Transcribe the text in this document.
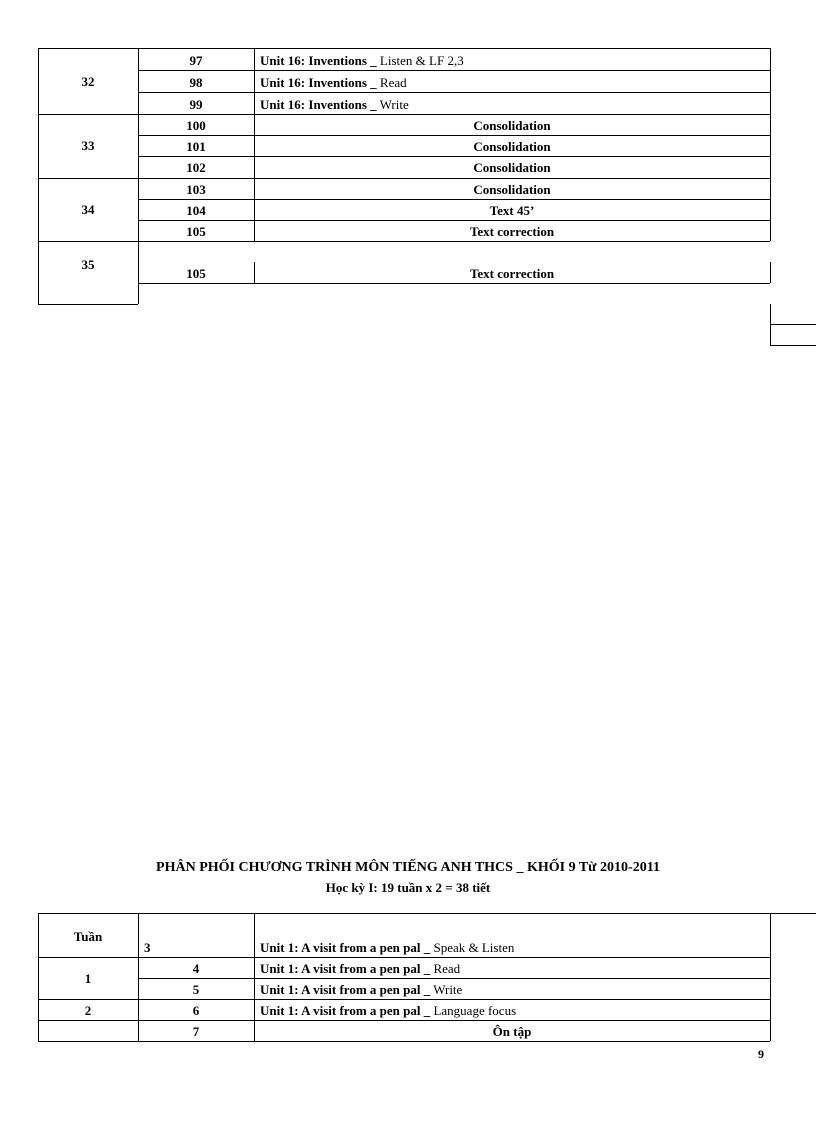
32
33
34
35
97
98
99
100
101
102
103
104
105
105
Unit 16: Inventions _ Listen & LF 2,3
Unit 16: Inventions _ Read
Unit 16: Inventions _ Write
Consolidation
Consolidation
Consolidation
Consolidation
Text 45’
Text correction
Text correction
PHÂN PHỐI CHƯƠNG TRÌNH MÔN TIẾNG ANH THCS _ KHỐI 9 Từ 2010-2011
Học kỳ I: 19 tuần x 2 = 38 tiết
Tuần
1
2
3
4
5
6
7
Unit 1: A visit from a pen pal _ Speak & Listen
Unit 1: A visit from a pen pal _ Read
Unit 1: A visit from a pen pal _ Write
Unit 1: A visit from a pen pal _ Language focus
Ôn tập
9
